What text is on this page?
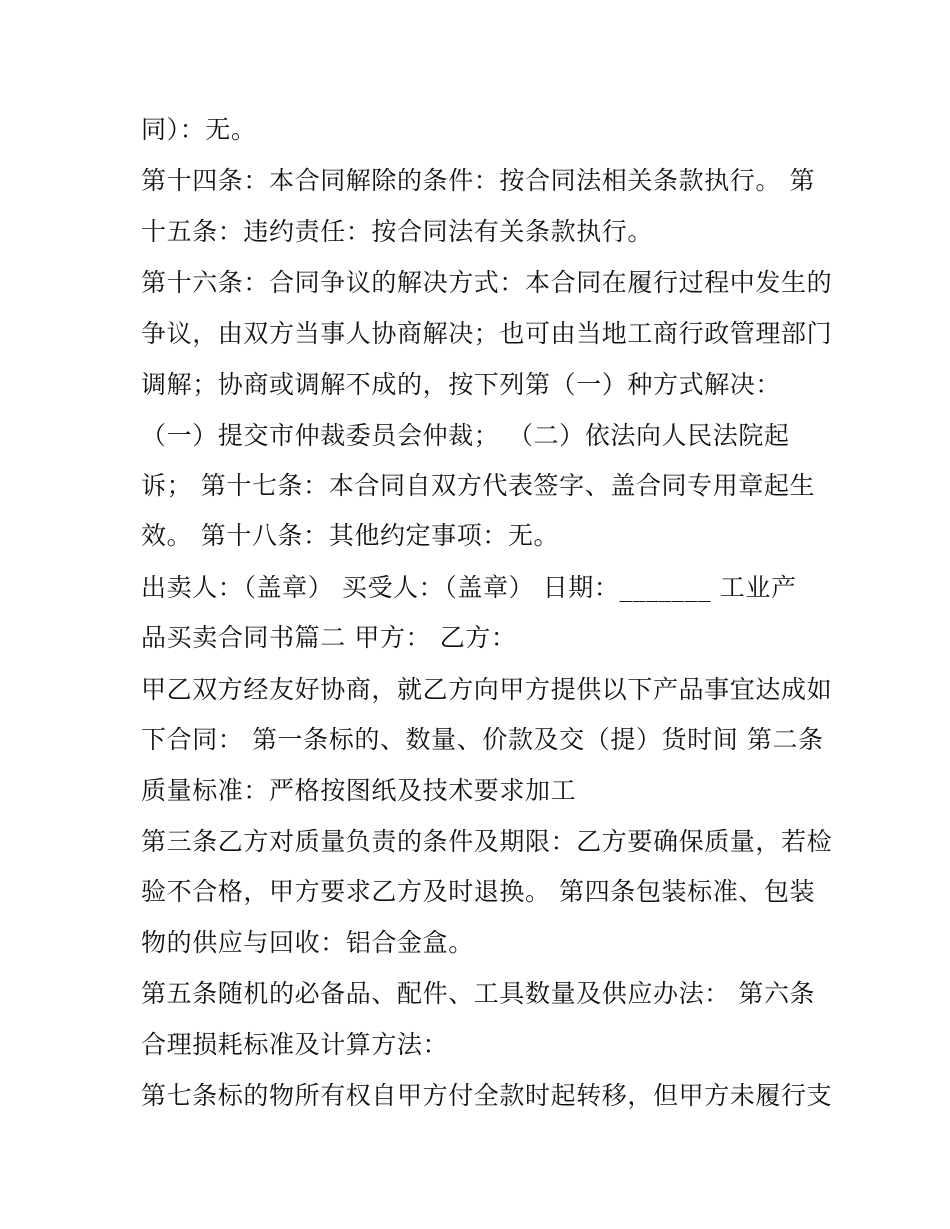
同）：无。
第十四条：本合同解除的条件：按合同法相关条款执行。 第
十五条：违约责任：按合同法有关条款执行。
第十六条：合同争议的解决方式：本合同在履行过程中发生的
争议，由双方当事人协商解决；也可由当地工商行政管理部门
调解；协商或调解不成的，按下列第（一）种方式解决：
（一）提交市仲裁委员会仲裁； （二）依法向人民法院起
诉； 第十七条：本合同自双方代表签字、盖合同专用章起生
效。 第十八条：其他约定事项：无。
出卖人：（盖章） 买受人：（盖章） 日期：_______ 工业产
品买卖合同书篇二 甲方： 乙方：
甲乙双方经友好协商，就乙方向甲方提供以下产品事宜达成如
下合同： 第一条标的、数量、价款及交（提）货时间 第二条
质量标准：严格按图纸及技术要求加工
第三条乙方对质量负责的条件及期限：乙方要确保质量，若检
验不合格，甲方要求乙方及时退换。 第四条包装标准、包装
物的供应与回收：铝合金盒。
第五条随机的必备品、配件、工具数量及供应办法： 第六条
合理损耗标准及计算方法：
第七条标的物所有权自甲方付全款时起转移，但甲方未履行支
